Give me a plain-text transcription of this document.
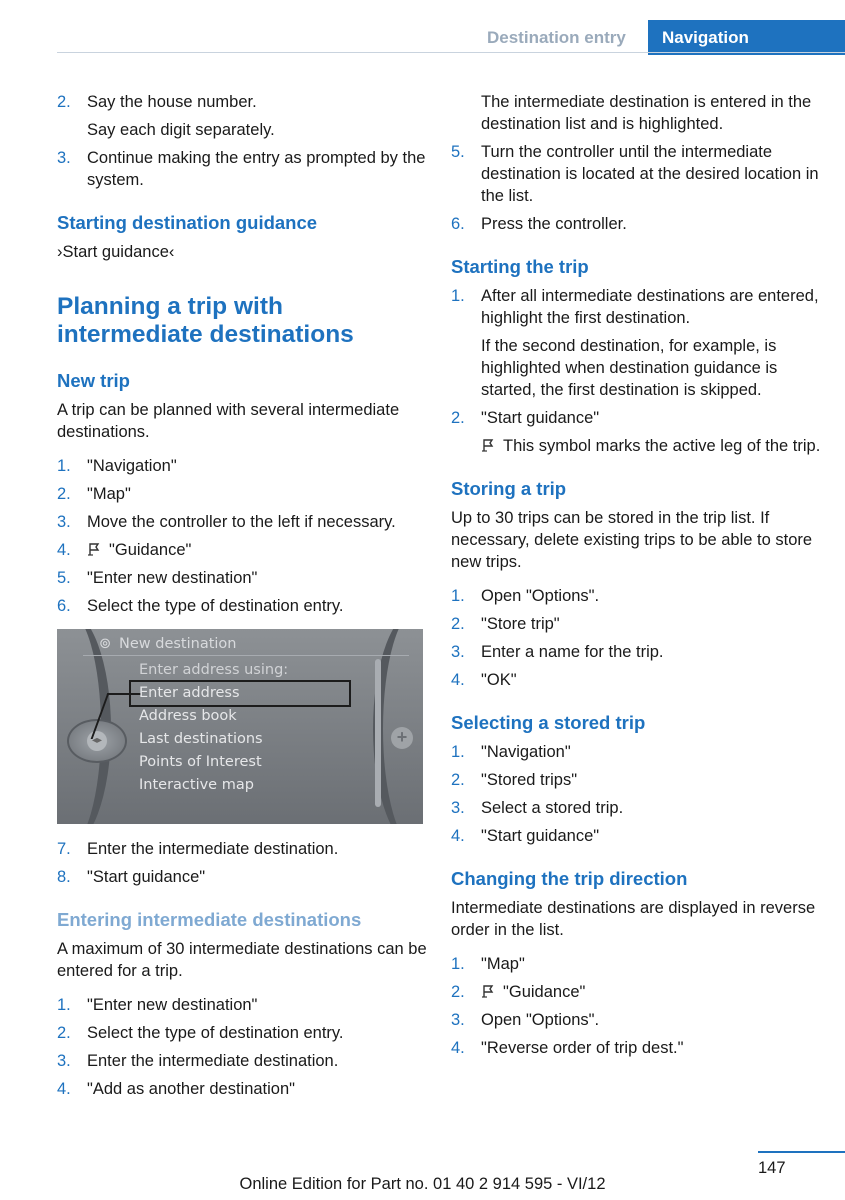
Destination entry	Navigation
2. Say the house number.
Say each digit separately.
3. Continue making the entry as prompted by the system.
Starting destination guidance
›Start guidance‹
Planning a trip with intermediate destinations
New trip
A trip can be planned with several intermediate destinations.
1. "Navigation"
2. "Map"
3. Move the controller to the left if necessary.
4. "Guidance"
5. "Enter new destination"
6. Select the type of destination entry.
⊚ New destination
◂▸
Enter address using:
Enter address
Address book
Last destinations
Points of Interest
Interactive map
+
7. Enter the intermediate destination.
8. "Start guidance"
Entering intermediate destinations
A maximum of 30 intermediate destinations can be entered for a trip.
1. "Enter new destination"
2. Select the type of destination entry.
3. Enter the intermediate destination.
4. "Add as another destination"
The intermediate destination is entered in the destination list and is highlighted.
5. Turn the controller until the intermediate destination is located at the desired location in the list.
6. Press the controller.
Starting the trip
1. After all intermediate destinations are entered, highlight the first destination.
If the second destination, for example, is highlighted when destination guidance is started, the first destination is skipped.
2. "Start guidance"
This symbol marks the active leg of the trip.
Storing a trip
Up to 30 trips can be stored in the trip list. If necessary, delete existing trips to be able to store new trips.
1. Open "Options".
2. "Store trip"
3. Enter a name for the trip.
4. "OK"
Selecting a stored trip
1. "Navigation"
2. "Stored trips"
3. Select a stored trip.
4. "Start guidance"
Changing the trip direction
Intermediate destinations are displayed in reverse order in the list.
1. "Map"
2. "Guidance"
3. Open "Options".
4. "Reverse order of trip dest."
147
Online Edition for Part no. 01 40 2 914 595 - VI/12
